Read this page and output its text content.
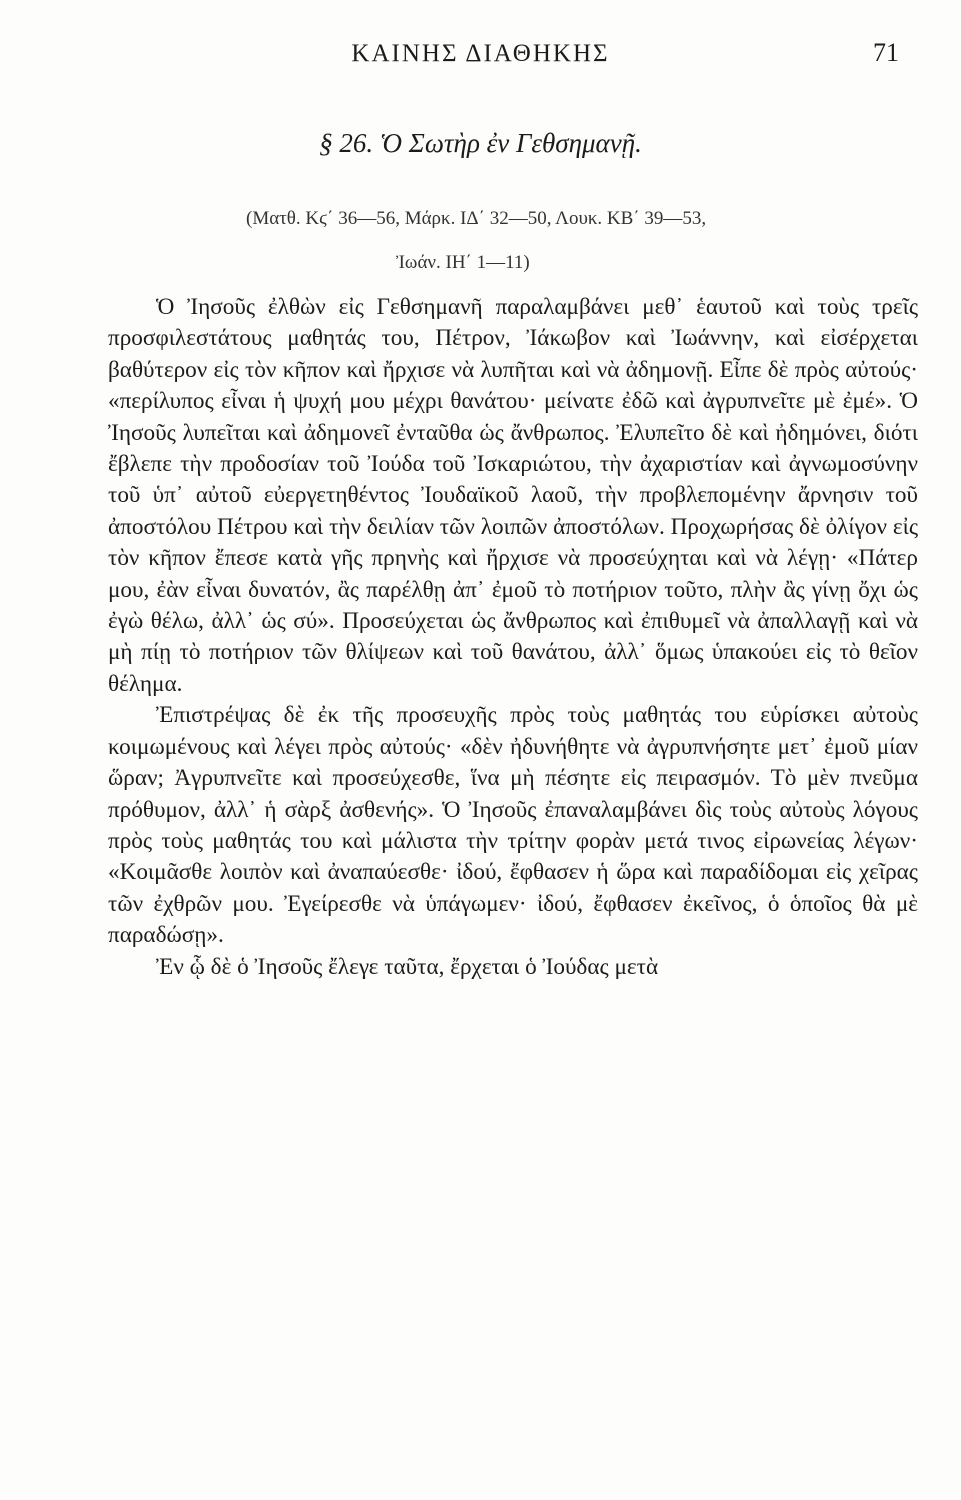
ΚΑΙΝΗΣ ΔΙΑΘΗΚΗΣ	71
§ 26. Ὁ Σωτὴρ ἐν Γεθσημανῇ.
(Ματθ. Κϛ΄ 36—56, Μάρκ. ΙΔ΄ 32—50, Λουκ. ΚΒ΄ 39—53,
Ἰωάν. ΙΗ΄ 1—11)

Ὁ Ἰησοῦς ἐλθὼν εἰς Γεθσημανῆ παραλαμβάνει μεθ᾿ ἑαυτοῦ καὶ τοὺς τρεῖς προσφιλεστάτους μαθητάς του, Πέτρον, Ἰάκωβον καὶ Ἰωάννην, καὶ εἰσέρχεται βαθύτερον εἰς τὸν κῆπον καὶ ἤρχισε νὰ λυπῆται καὶ νὰ ἀδημονῇ. Εἶπε δὲ πρὸς αὐτούς· «περίλυπος εἶναι ἡ ψυχή μου μέχρι θανάτου· μείνατε ἐδῶ καὶ ἀγρυπνεῖτε μὲ ἐμέ». Ὁ Ἰησοῦς λυπεῖται καὶ ἀδημονεῖ ἐνταῦθα ὡς ἄνθρωπος. Ἐλυπεῖτο δὲ καὶ ἠδημόνει, διότι ἔβλεπε τὴν προδοσίαν τοῦ Ἰούδα τοῦ Ἰσκαριώτου, τὴν ἀχαριστίαν καὶ ἀγνωμοσύνην τοῦ ὑπ᾿ αὐτοῦ εὐεργετηθέντος Ἰουδαϊκοῦ λαοῦ, τὴν προβλεπομένην ἄρνησιν τοῦ ἀποστόλου Πέτρου καὶ τὴν δειλίαν τῶν λοιπῶν ἀποστόλων. Προχωρήσας δὲ ὀλίγον εἰς τὸν κῆπον ἔπεσε κατὰ γῆς πρηνὴς καὶ ἤρχισε νὰ προσεύχηται καὶ νὰ λέγῃ· «Πάτερ μου, ἐὰν εἶναι δυνατόν, ἂς παρέλθῃ ἀπ᾿ ἐμοῦ τὸ ποτήριον τοῦτο, πλὴν ἂς γίνῃ ὄχι ὡς ἐγὼ θέλω, ἀλλ᾿ ὡς σύ». Προσεύχεται ὡς ἄνθρωπος καὶ ἐπιθυμεῖ νὰ ἀπαλλαγῇ καὶ νὰ μὴ πίῃ τὸ ποτήριον τῶν θλίψεων καὶ τοῦ θανάτου, ἀλλ᾿ ὅμως ὑπακούει εἰς τὸ θεῖον θέλημα.

Ἐπιστρέψας δὲ ἐκ τῆς προσευχῆς πρὸς τοὺς μαθητάς του εὑρίσκει αὐτοὺς κοιμωμένους καὶ λέγει πρὸς αὐτούς· «δὲν ἠδυνήθητε νὰ ἀγρυπνήσητε μετ᾿ ἐμοῦ μίαν ὥραν; Ἀγρυπνεῖτε καὶ προσεύχεσθε, ἵνα μὴ πέσητε εἰς πειρασμόν. Τὸ μὲν πνεῦμα πρόθυμον, ἀλλ᾿ ἡ σὰρξ ἀσθενής». Ὁ Ἰησοῦς ἐπαναλαμβάνει δὶς τοὺς αὐτοὺς λόγους πρὸς τοὺς μαθητάς του καὶ μάλιστα τὴν τρίτην φορὰν μετά τινος εἰρωνείας λέγων· «Κοιμᾶσθε λοιπὸν καὶ ἀναπαύεσθε· ἰδού, ἔφθασεν ἡ ὥρα καὶ παραδίδομαι εἰς χεῖρας τῶν ἐχθρῶν μου. Ἐγείρεσθε νὰ ὑπάγωμεν· ἰδού, ἔφθασεν ἐκεῖνος, ὁ ὁποῖος θὰ μὲ παραδώσῃ».

Ἐν ᾧ δὲ ὁ Ἰησοῦς ἔλεγε ταῦτα, ἔρχεται ὁ Ἰούδας μετὰ
